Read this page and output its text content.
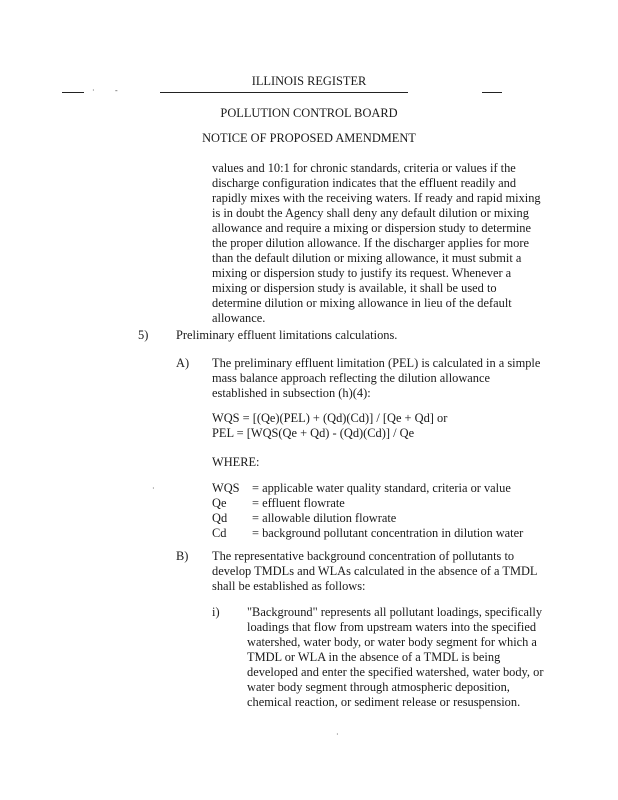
·	-
ILLINOIS REGISTER
POLLUTION CONTROL BOARD
NOTICE OF PROPOSED AMENDMENT

values and 10:1 for chronic standards, criteria or values if the

discharge configuration indicates that the effluent readily and

rapidly mixes with the receiving waters. If ready and rapid mixing

is in doubt the Agency shall deny any default dilution or mixing

allowance and require a mixing or dispersion study to determine

the proper dilution allowance. If the discharger applies for more

than the default dilution or mixing allowance, it must submit a

mixing or dispersion study to justify its request. Whenever a

mixing or dispersion study is available, it shall be used to

determine dilution or mixing allowance in lieu of the default

allowance.

5) Preliminary effluent limitations calculations.
A) The preliminary effluent limitation (PEL) is calculated in a simple

mass balance approach reflecting the dilution allowance

established in subsection (h)(4):

WQS = [(Qe)(PEL) + (Qd)(Cd)] / [Qe + Qd] or
PEL = [WQS(Qe + Qd) - (Qd)(Cd)] / Qe
WHERE:
WQS = applicable water quality standard, criteria or value
Qe = effluent flowrate
Qd = allowable dilution flowrate
Cd = background pollutant concentration in dilution water
·
B) The representative background concentration of pollutants to

develop TMDLs and WLAs calculated in the absence of a TMDL

shall be established as follows:

i) "Background" represents all pollutant loadings, specifically

loadings that flow from upstream waters into the specified

watershed, water body, or water body segment for which a

TMDL or WLA in the absence of a TMDL is being

developed and enter the specified watershed, water body, or

water body segment through atmospheric deposition,

chemical reaction, or sediment release or resuspension.

·
